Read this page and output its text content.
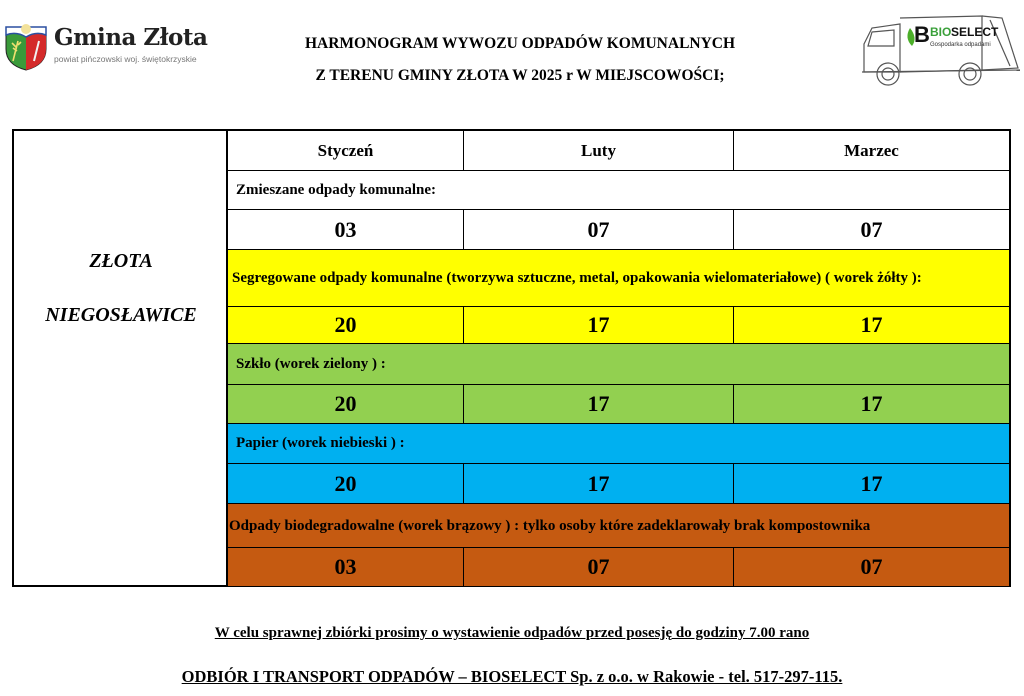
Gmina Złota
powiat pińczowski woj. świętokrzyskie
HARMONOGRAM WYWOZU ODPADÓW KOMUNALNYCH
Z TERENU GMINY ZŁOTA W 2025 r W MIEJSCOWOŚCI;
B BIO SELECT
Gospodarka odpadami
ZŁOTA
NIEGOSŁAWICE
Styczeń	Luty	Marzec
Zmieszane odpady komunalne:
03	07	07
Segregowane odpady komunalne (tworzywa sztuczne, metal, opakowania wielomateriałowe) ( worek żółty ):
20	17	17
Szkło (worek zielony ) :
20	17	17
Papier (worek niebieski ) :
20	17	17
Odpady biodegradowalne (worek brązowy ) : tylko osoby które zadeklarowały brak kompostownika
03	07	07
W celu sprawnej zbiórki prosimy o wystawienie odpadów przed posesję do godziny 7.00 rano
ODBIÓR I TRANSPORT ODPADÓW – BIOSELECT Sp. z o.o. w Rakowie - tel. 517-297-115.
